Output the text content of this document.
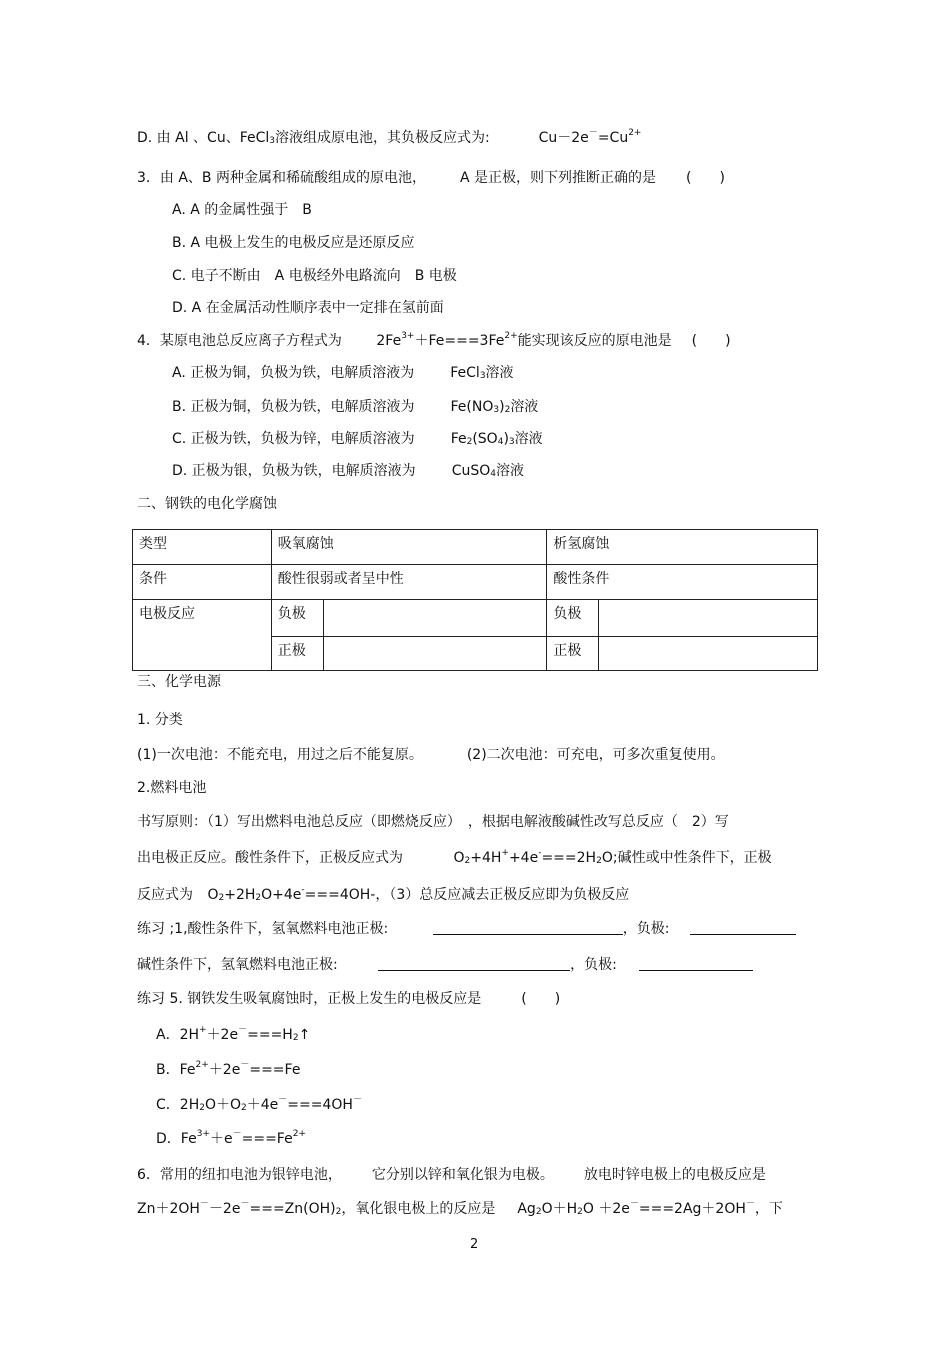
D. 由 Al 、Cu、FeCl$_3$溶液组成原电池，其负极反应式为:	$Cu-2e^-=Cu^{2+}$
3．由 A、B 两种金属和稀硫酸组成的原电池， A 是正极，则下列推断正确的是 (　　)
A. A 的金属性强于　B
B. A 电极上发生的电极反应是还原反应
C. 电子不断由　A 电极经外电路流向　B 电极
D. A 在金属活动性顺序表中一定排在氢前面
4．某原电池总反应离子方程式为 $2Fe^{3+}+Fe===3Fe^{2+}$能实现该反应的原电池是 (　　)
A. 正极为铜，负极为铁，电解质溶液为	FeCl$_3$溶液
B. 正极为铜，负极为铁，电解质溶液为	$Fe(NO_3)_2$溶液
C. 正极为铁，负极为锌，电解质溶液为	$Fe_2(SO_4)_3$溶液
D. 正极为银，负极为铁，电解质溶液为	CuSO$_4$溶液
二、钢铁的电化学腐蚀
类型	吸氧腐蚀		析氢腐蚀	
条件	酸性很弱或者呈中性		酸性条件	
电极反应	负极		负极	
	正极		正极	
三、化学电源
1. 分类
(1)一次电池：不能充电，用过之后不能复原。	(2)二次电池：可充电，可多次重复使用。
2.燃料电池
书写原则：（1）写出燃料电池总反应（即燃烧反应）　，根据电解液酸碱性改写总反应（　2）写
出电极正反应。酸性条件下，正极反应式为	$O_2+4H^++4e^-===2H_2O$;碱性或中性条件下，正极
反应式为 $O_2+2H_2O+4e^-===4OH-$，（3）总反应减去正极反应即为负极反应
练习 ;1,酸性条件下，氢氧燃料电池正极:	，负极:
碱性条件下，氢氧燃料电池正极:	，负极:
练习 5. 钢铁发生吸氧腐蚀时，正极上发生的电极反应是	(　　)
A．$2H^++2e^-===H_2↑$
B．$Fe^{2+}+2e^-===Fe$
C．$2H_2O+O_2+4e^-===4OH^-$
D．$Fe^{3+}+e^-===Fe^{2+}$
6．常用的纽扣电池为银锌电池， 它分别以锌和氧化银为电极。 放电时锌电极上的电极反应是
$Zn+2OH^--2e^-===Zn(OH)_2$，氧化银电极上的反应是 $Ag_2O+H_2O +2e^-===2Ag+2OH^-$，下
2
